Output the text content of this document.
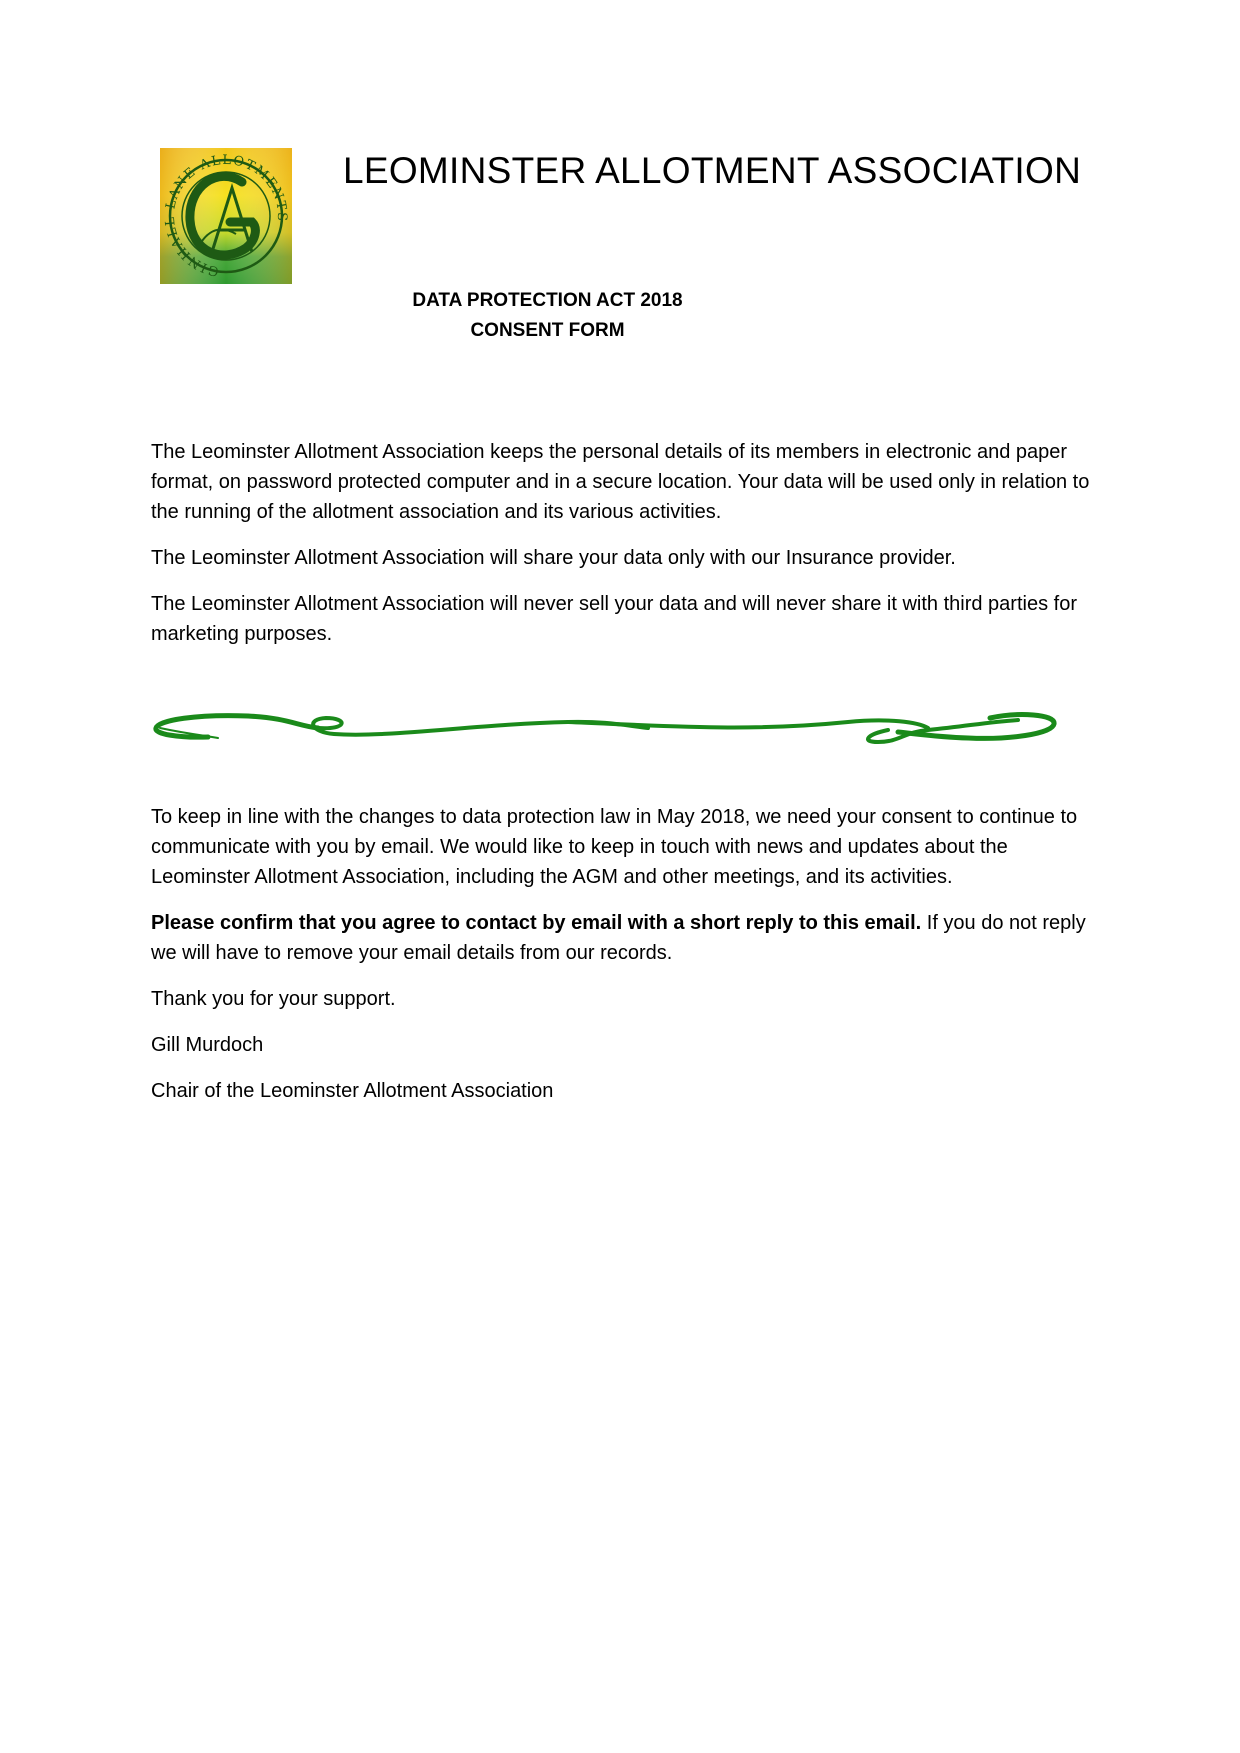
GINHALL LANE ALLOTMENTS
LEOMINSTER ALLOTMENT ASSOCIATION
DATA PROTECTION ACT 2018
CONSENT FORM

The Leominster Allotment Association keeps the personal details of its members in electronic and paper format, on password protected computer and in a secure location. Your data will be used only in relation to the running of the allotment association and its various activities.

The Leominster Allotment Association will share your data only with our Insurance provider.

The Leominster Allotment Association will never sell your data and will never share it with third parties for marketing purposes.

To keep in line with the changes to data protection law in May 2018, we need your consent to continue to communicate with you by email. We would like to keep in touch with news and updates about the Leominster Allotment Association, including the AGM and other meetings, and its activities.

Please confirm that you agree to contact by email with a short reply to this email. If you do not reply we will have to remove your email details from our records.

Thank you for your support.

Gill Murdoch

Chair of the Leominster Allotment Association
